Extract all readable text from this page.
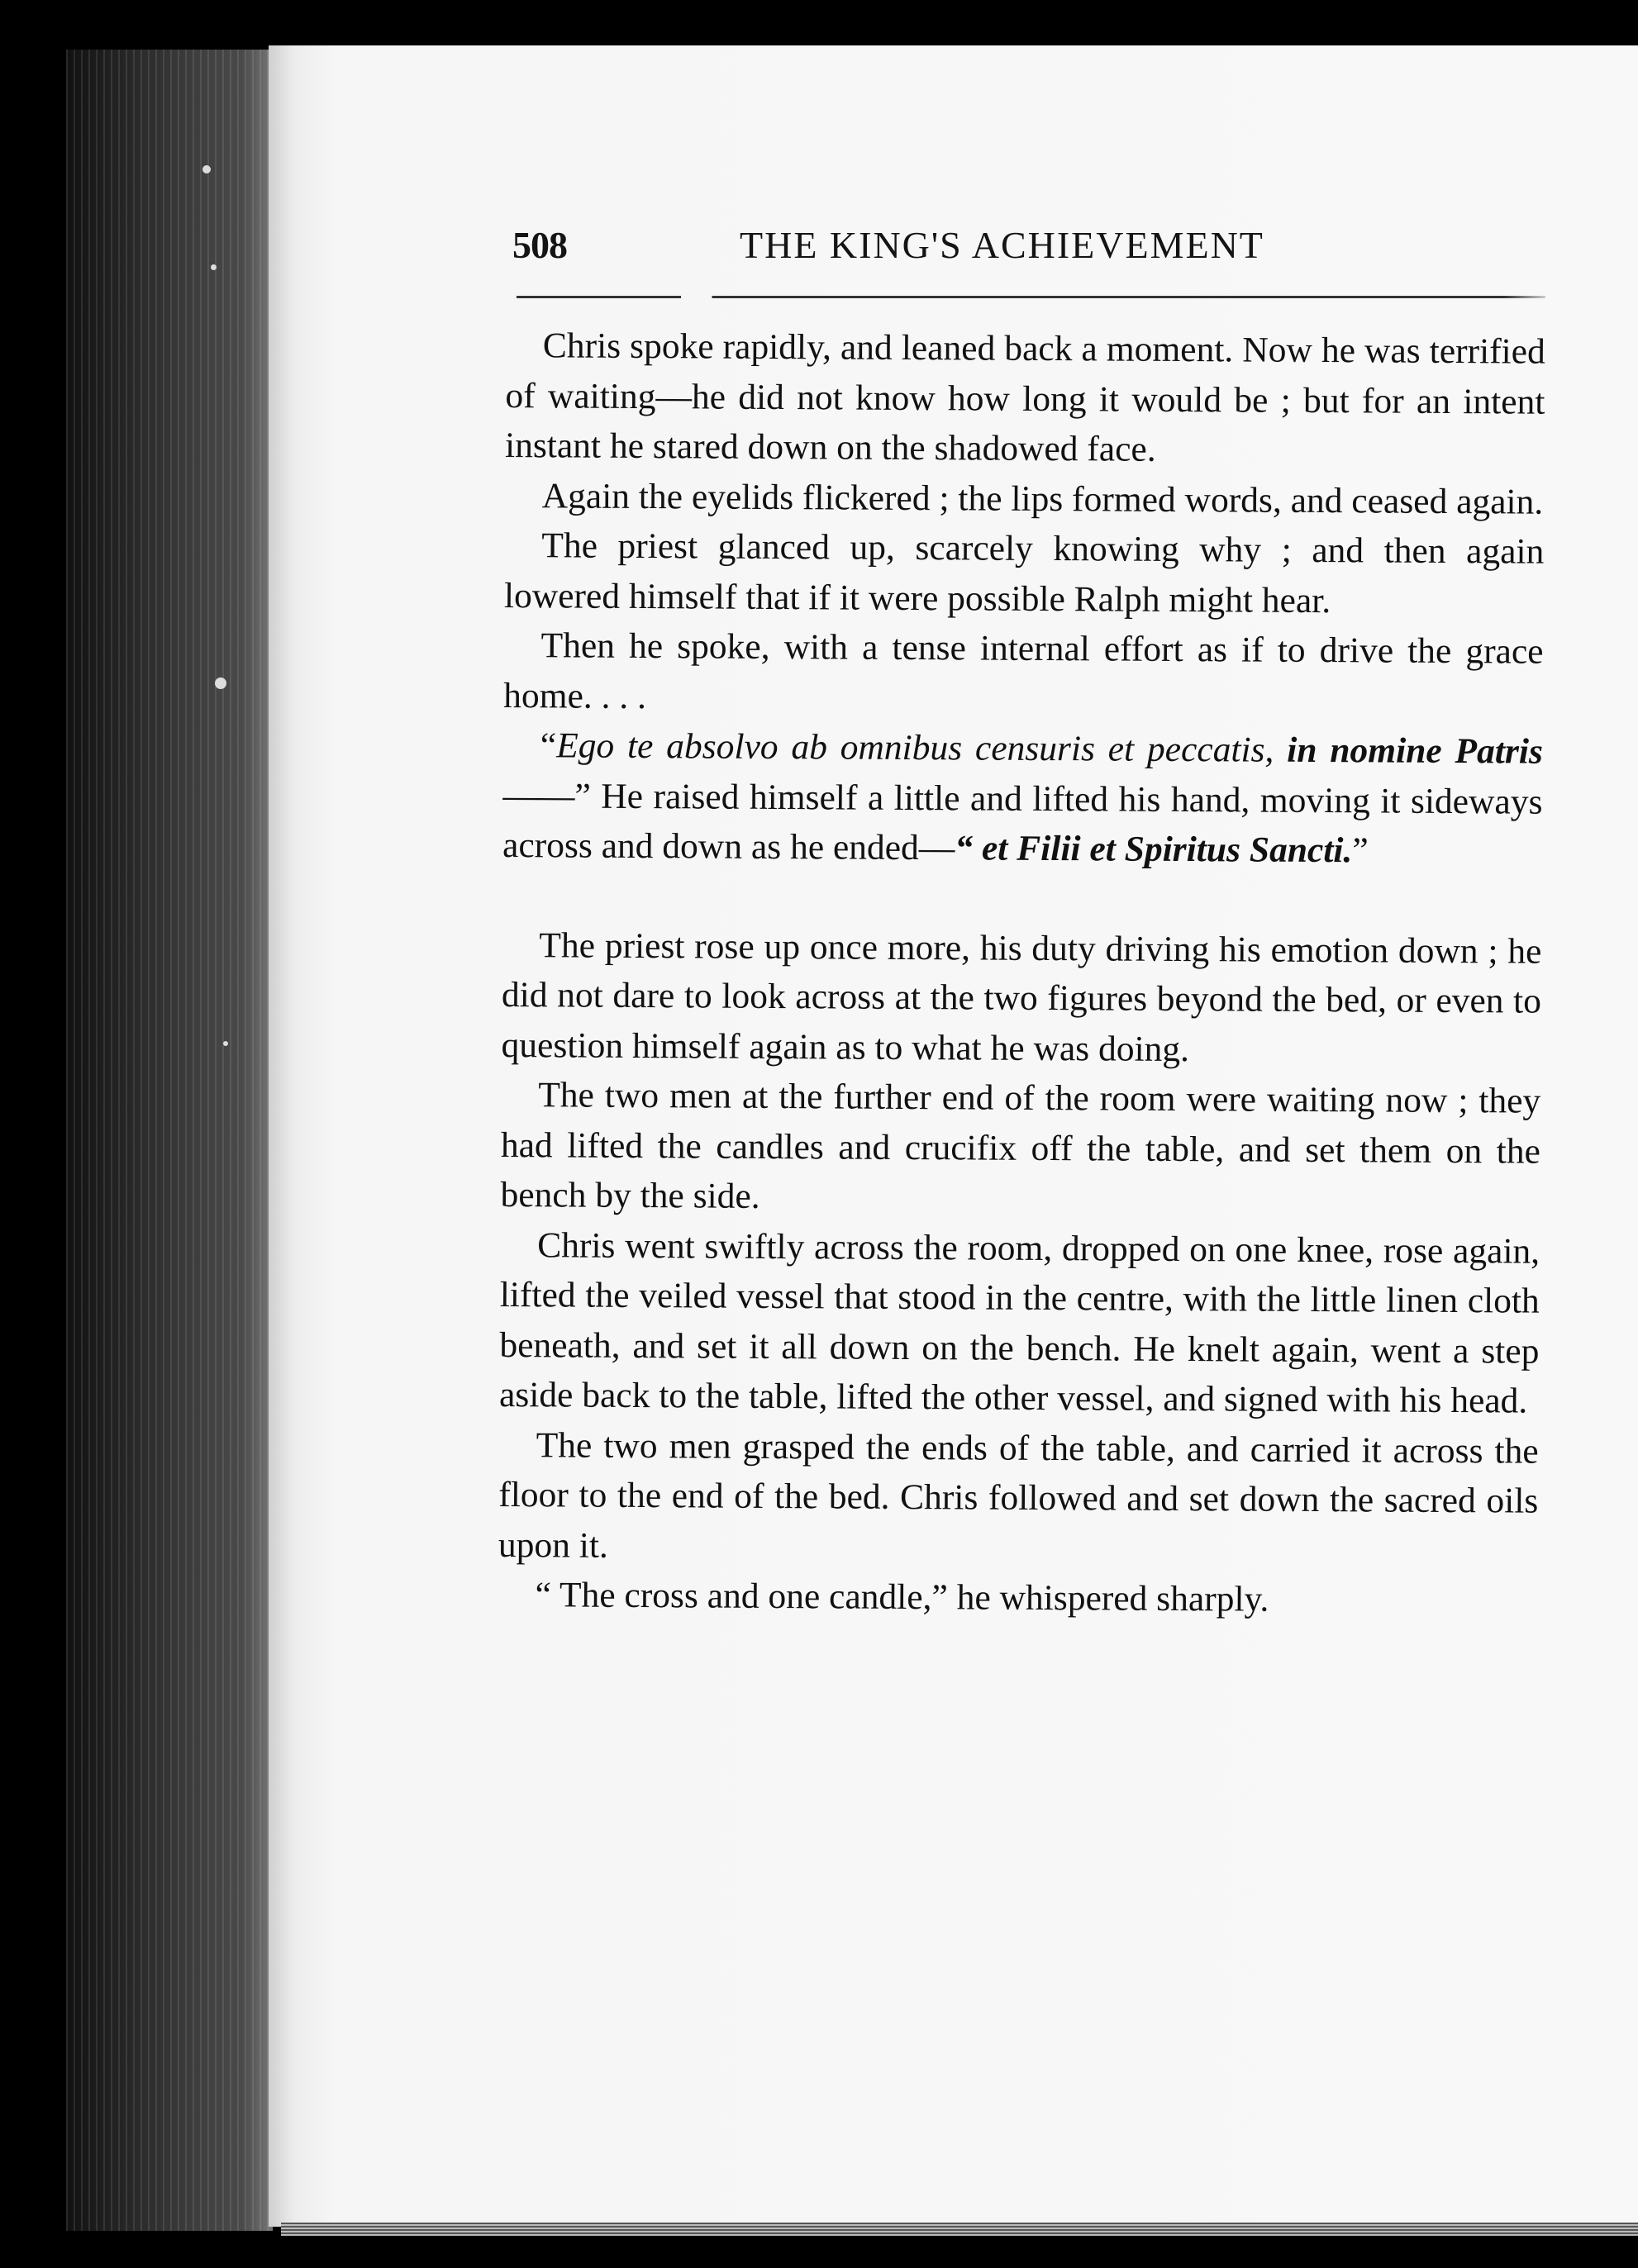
508	THE KING'S ACHIEVEMENT

Chris spoke rapidly, and leaned back a moment. Now he was terrified of waiting—he did not know how long it would be ; but for an intent instant he stared down on the shadowed face.

Again the eyelids flickered ; the lips formed words, and ceased again.

The priest glanced up, scarcely knowing why ; and then again lowered himself that if it were possible Ralph might hear.

Then he spoke, with a tense internal effort as if to drive the grace home. . . .

“Ego te absolvo ab omnibus censuris et peccatis, in nomine Patris——” He raised himself a little and lifted his hand, moving it sideways across and down as he ended—“ et Filii et Spiritus Sancti.”

The priest rose up once more, his duty driving his emotion down ; he did not dare to look across at the two figures beyond the bed, or even to question himself again as to what he was doing.

The two men at the further end of the room were waiting now ; they had lifted the candles and crucifix off the table, and set them on the bench by the side.

Chris went swiftly across the room, dropped on one knee, rose again, lifted the veiled vessel that stood in the centre, with the little linen cloth beneath, and set it all down on the bench. He knelt again, went a step aside back to the table, lifted the other vessel, and signed with his head.

The two men grasped the ends of the table, and carried it across the floor to the end of the bed. Chris followed and set down the sacred oils upon it.

“ The cross and one candle,” he whispered sharply.
